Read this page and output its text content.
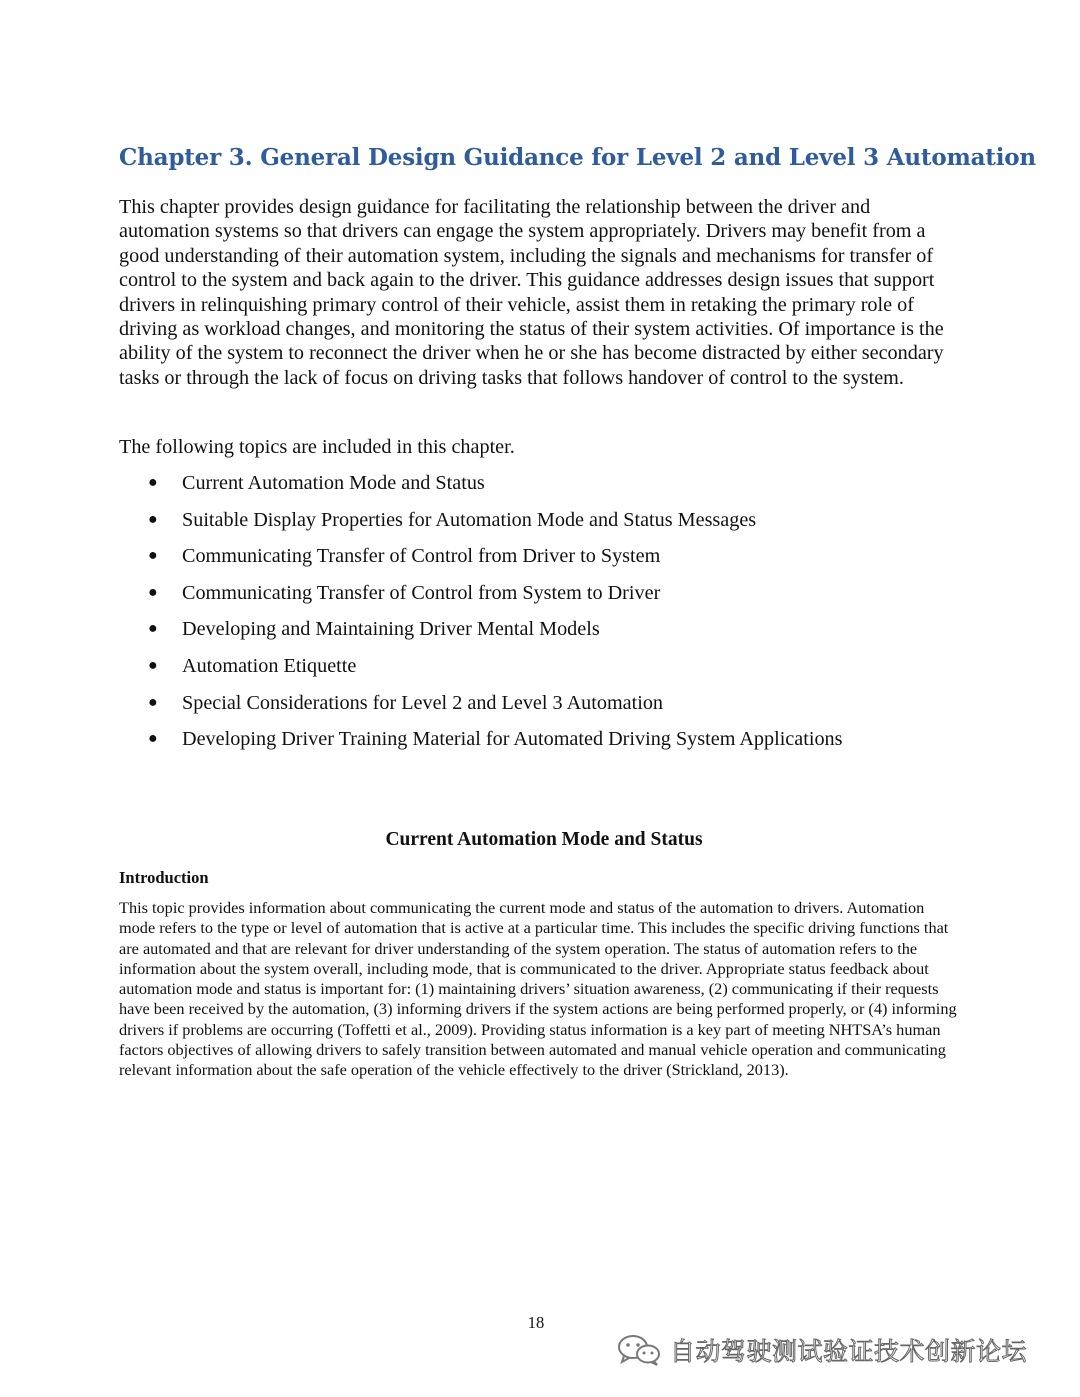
Chapter 3. General Design Guidance for Level 2 and Level 3 Automation

This chapter provides design guidance for facilitating the relationship between the driver and automation systems so that drivers can engage the system appropriately. Drivers may benefit from a good understanding of their automation system, including the signals and mechanisms for transfer of control to the system and back again to the driver. This guidance addresses design issues that support drivers in relinquishing primary control of their vehicle, assist them in retaking the primary role of driving as workload changes, and monitoring the status of their system activities. Of importance is the ability of the system to reconnect the driver when he or she has become distracted by either secondary tasks or through the lack of focus on driving tasks that follows handover of control to the system.

The following topics are included in this chapter.

●	Current Automation Mode and Status
●	Suitable Display Properties for Automation Mode and Status Messages
●	Communicating Transfer of Control from Driver to System
●	Communicating Transfer of Control from System to Driver
●	Developing and Maintaining Driver Mental Models
●	Automation Etiquette
●	Special Considerations for Level 2 and Level 3 Automation
●	Developing Driver Training Material for Automated Driving System Applications
Current Automation Mode and Status
Introduction

This topic provides information about communicating the current mode and status of the automation to drivers. Automation mode refers to the type or level of automation that is active at a particular time. This includes the specific driving functions that are automated and that are relevant for driver understanding of the system operation. The status of automation refers to the information about the system overall, including mode, that is communicated to the driver. Appropriate status feedback about automation mode and status is important for: (1) maintaining drivers’ situation awareness, (2) communicating if their requests have been received by the automation, (3) informing drivers if the system actions are being performed properly, or (4) informing drivers if problems are occurring (Toffetti et al., 2009). Providing status information is a key part of meeting NHTSA’s human factors objectives of allowing drivers to safely transition between automated and manual vehicle operation and communicating relevant information about the safe operation of the vehicle effectively to the driver (Strickland, 2013).

18
自动驾驶测试验证技术创新论坛
